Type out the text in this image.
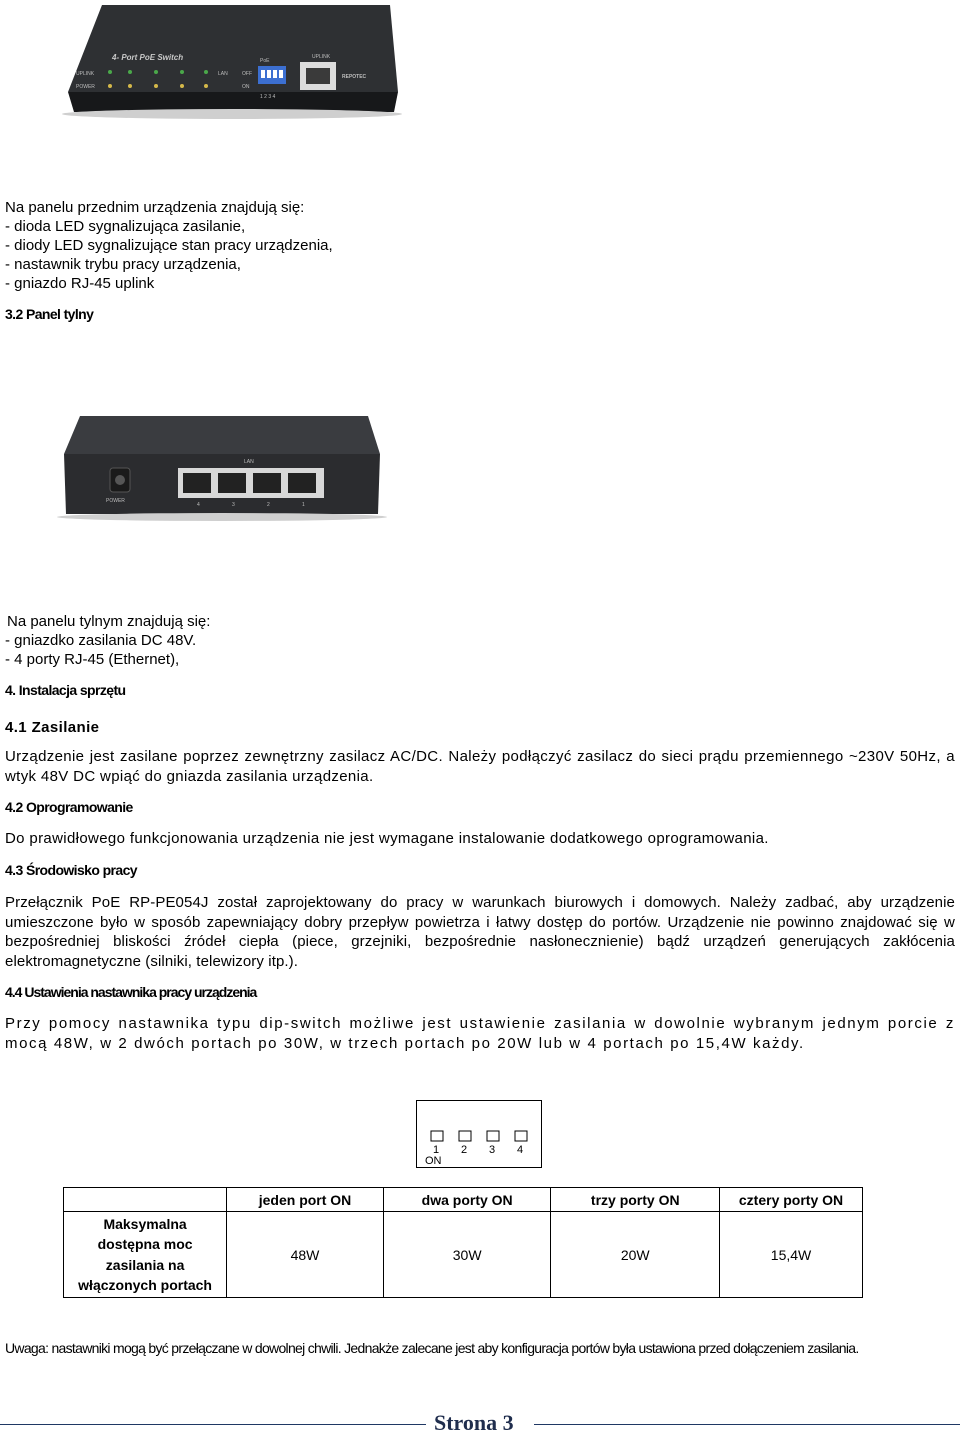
4- Port PoE Switch
UPLINK
POWER
LAN
PoE
OFF
ON
1 2 3 4
UPLINK
REPOTEC
Na panelu przednim urządzenia znajdują się:
- dioda LED sygnalizująca zasilanie,
- diody LED sygnalizujące stan pracy urządzenia,
- nastawnik trybu pracy urządzenia,
- gniazdo RJ-45 uplink
3.2 Panel tylny
LAN
POWER
4	3	2	1
Na panelu tylnym znajdują się:
- gniazdko zasilania DC 48V.
- 4 porty RJ-45 (Ethernet),
4. Instalacja sprzętu
4.1 Zasilanie
Urządzenie jest zasilane poprzez zewnętrzny zasilacz AC/DC. Należy podłączyć zasilacz do sieci prądu przemiennego ~230V 50Hz, a wtyk 48V DC wpiąć do gniazda zasilania urządzenia.
4.2 Oprogramowanie
Do prawidłowego funkcjonowania urządzenia nie jest wymagane instalowanie dodatkowego oprogramowania.
4.3 Środowisko pracy
Przełącznik PoE RP-PE054J został zaprojektowany do pracy w warunkach biurowych i domowych. Należy zadbać, aby urządzenie umieszczone było w sposób zapewniający dobry przepływ powietrza i łatwy dostęp do portów. Urządzenie nie powinno znajdować się w bezpośredniej bliskości źródeł ciepła (piece, grzejniki, bezpośrednie nasłonecznienie) bądź urządzeń generujących zakłócenia elektromagnetyczne (silniki, telewizory itp.).
4.4 Ustawienia nastawnika pracy urządzenia
Przy pomocy nastawnika typu dip-switch możliwe jest ustawienie zasilania w dowolnie wybranym jednym porcie z mocą 48W, w 2 dwóch portach po 30W, w trzech portach po 20W lub w 4 portach po 15,4W każdy.
1 2 3 4
ON
	jeden port ON	dwa porty ON	trzy porty ON	cztery porty ON

Maksymalna
dostępna moc
zasilania na
włączonych portach	48W	30W	20W	15,4W
Uwaga: nastawniki mogą być przełączane w dowolnej chwili. Jednakże zalecane jest aby konfiguracja portów była ustawiona przed dołączeniem zasilania.
Strona 3
